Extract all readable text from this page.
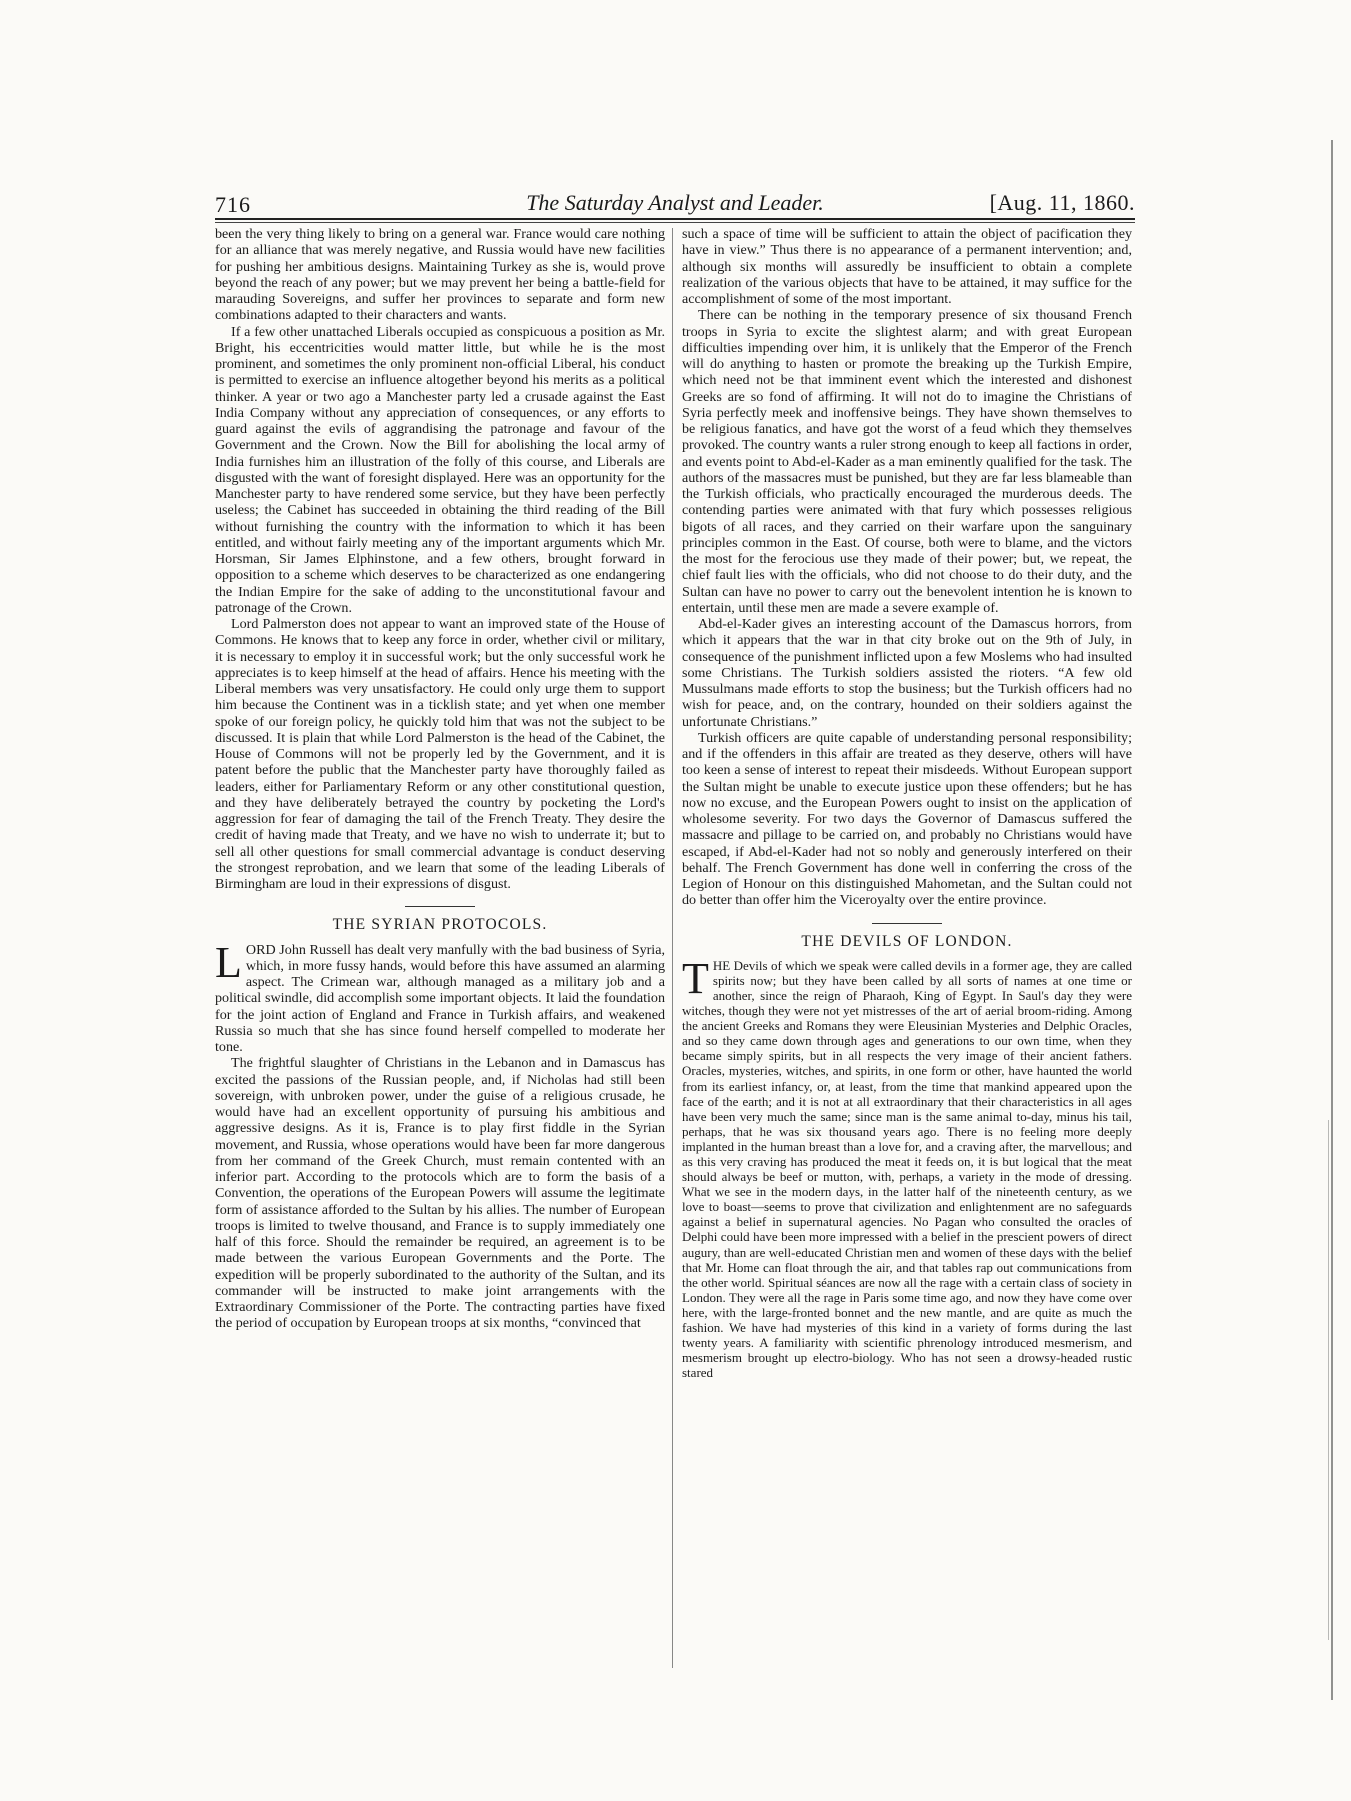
716	The Saturday Analyst and Leader.	[Aug. 11, 1860.

been the very thing likely to bring on a general war. France would care nothing for an alliance that was merely negative, and Russia would have new facilities for pushing her ambitious designs. Maintaining Turkey as she is, would prove beyond the reach of any power; but we may prevent her being a battle-field for marauding Sovereigns, and suffer her provinces to separate and form new combinations adapted to their characters and wants.

If a few other unattached Liberals occupied as conspicuous a position as Mr. Bright, his eccentricities would matter little, but while he is the most prominent, and sometimes the only prominent non-official Liberal, his conduct is permitted to exercise an influence altogether beyond his merits as a political thinker. A year or two ago a Manchester party led a crusade against the East India Company without any appreciation of consequences, or any efforts to guard against the evils of aggrandising the patronage and favour of the Government and the Crown. Now the Bill for abolishing the local army of India furnishes him an illustration of the folly of this course, and Liberals are disgusted with the want of foresight displayed. Here was an opportunity for the Manchester party to have rendered some service, but they have been perfectly useless; the Cabinet has succeeded in obtaining the third reading of the Bill without furnishing the country with the information to which it has been entitled, and without fairly meeting any of the important arguments which Mr. Horsman, Sir James Elphinstone, and a few others, brought forward in opposition to a scheme which deserves to be characterized as one endangering the Indian Empire for the sake of adding to the unconstitutional favour and patronage of the Crown.

Lord Palmerston does not appear to want an improved state of the House of Commons. He knows that to keep any force in order, whether civil or military, it is necessary to employ it in successful work; but the only successful work he appreciates is to keep himself at the head of affairs. Hence his meeting with the Liberal members was very unsatisfactory. He could only urge them to support him because the Continent was in a ticklish state; and yet when one member spoke of our foreign policy, he quickly told him that was not the subject to be discussed. It is plain that while Lord Palmerston is the head of the Cabinet, the House of Commons will not be properly led by the Government, and it is patent before the public that the Manchester party have thoroughly failed as leaders, either for Parliamentary Reform or any other constitutional question, and they have deliberately betrayed the country by pocketing the Lord's aggression for fear of damaging the tail of the French Treaty. They desire the credit of having made that Treaty, and we have no wish to underrate it; but to sell all other questions for small commercial advantage is conduct deserving the strongest reprobation, and we learn that some of the leading Liberals of Birmingham are loud in their expressions of disgust.

THE SYRIAN PROTOCOLS.

LORD John Russell has dealt very manfully with the bad business of Syria, which, in more fussy hands, would before this have assumed an alarming aspect. The Crimean war, although managed as a military job and a political swindle, did accomplish some important objects. It laid the foundation for the joint action of England and France in Turkish affairs, and weakened Russia so much that she has since found herself compelled to moderate her tone.

The frightful slaughter of Christians in the Lebanon and in Damascus has excited the passions of the Russian people, and, if Nicholas had still been sovereign, with unbroken power, under the guise of a religious crusade, he would have had an excellent opportunity of pursuing his ambitious and aggressive designs. As it is, France is to play first fiddle in the Syrian movement, and Russia, whose operations would have been far more dangerous from her command of the Greek Church, must remain contented with an inferior part. According to the protocols which are to form the basis of a Convention, the operations of the European Powers will assume the legitimate form of assistance afforded to the Sultan by his allies. The number of European troops is limited to twelve thousand, and France is to supply immediately one half of this force. Should the remainder be required, an agreement is to be made between the various European Governments and the Porte. The expedition will be properly subordinated to the authority of the Sultan, and its commander will be instructed to make joint arrangements with the Extraordinary Commissioner of the Porte. The contracting parties have fixed the period of occupation by European troops at six months, “convinced that

such a space of time will be sufficient to attain the object of pacification they have in view.” Thus there is no appearance of a permanent intervention; and, although six months will assuredly be insufficient to obtain a complete realization of the various objects that have to be attained, it may suffice for the accomplishment of some of the most important.

There can be nothing in the temporary presence of six thousand French troops in Syria to excite the slightest alarm; and with great European difficulties impending over him, it is unlikely that the Emperor of the French will do anything to hasten or promote the breaking up the Turkish Empire, which need not be that imminent event which the interested and dishonest Greeks are so fond of affirming. It will not do to imagine the Christians of Syria perfectly meek and inoffensive beings. They have shown themselves to be religious fanatics, and have got the worst of a feud which they themselves provoked. The country wants a ruler strong enough to keep all factions in order, and events point to Abd-el-Kader as a man eminently qualified for the task. The authors of the massacres must be punished, but they are far less blameable than the Turkish officials, who practically encouraged the murderous deeds. The contending parties were animated with that fury which possesses religious bigots of all races, and they carried on their warfare upon the sanguinary principles common in the East. Of course, both were to blame, and the victors the most for the ferocious use they made of their power; but, we repeat, the chief fault lies with the officials, who did not choose to do their duty, and the Sultan can have no power to carry out the benevolent intention he is known to entertain, until these men are made a severe example of.

Abd-el-Kader gives an interesting account of the Damascus horrors, from which it appears that the war in that city broke out on the 9th of July, in consequence of the punishment inflicted upon a few Moslems who had insulted some Christians. The Turkish soldiers assisted the rioters. “A few old Mussulmans made efforts to stop the business; but the Turkish officers had no wish for peace, and, on the contrary, hounded on their soldiers against the unfortunate Christians.”

Turkish officers are quite capable of understanding personal responsibility; and if the offenders in this affair are treated as they deserve, others will have too keen a sense of interest to repeat their misdeeds. Without European support the Sultan might be unable to execute justice upon these offenders; but he has now no excuse, and the European Powers ought to insist on the application of wholesome severity. For two days the Governor of Damascus suffered the massacre and pillage to be carried on, and probably no Christians would have escaped, if Abd-el-Kader had not so nobly and generously interfered on their behalf. The French Government has done well in conferring the cross of the Legion of Honour on this distinguished Mahometan, and the Sultan could not do better than offer him the Viceroyalty over the entire province.

THE DEVILS OF LONDON.

THE Devils of which we speak were called devils in a former age, they are called spirits now; but they have been called by all sorts of names at one time or another, since the reign of Pharaoh, King of Egypt. In Saul's day they were witches, though they were not yet mistresses of the art of aerial broom-riding. Among the ancient Greeks and Romans they were Eleusinian Mysteries and Delphic Oracles, and so they came down through ages and generations to our own time, when they became simply spirits, but in all respects the very image of their ancient fathers. Oracles, mysteries, witches, and spirits, in one form or other, have haunted the world from its earliest infancy, or, at least, from the time that mankind appeared upon the face of the earth; and it is not at all extraordinary that their characteristics in all ages have been very much the same; since man is the same animal to-day, minus his tail, perhaps, that he was six thousand years ago. There is no feeling more deeply implanted in the human breast than a love for, and a craving after, the marvellous; and as this very craving has produced the meat it feeds on, it is but logical that the meat should always be beef or mutton, with, perhaps, a variety in the mode of dressing. What we see in the modern days, in the latter half of the nineteenth century, as we love to boast—seems to prove that civilization and enlightenment are no safeguards against a belief in supernatural agencies. No Pagan who consulted the oracles of Delphi could have been more impressed with a belief in the prescient powers of direct augury, than are well-educated Christian men and women of these days with the belief that Mr. Home can float through the air, and that tables rap out communications from the other world. Spiritual séances are now all the rage with a certain class of society in London. They were all the rage in Paris some time ago, and now they have come over here, with the large-fronted bonnet and the new mantle, and are quite as much the fashion. We have had mysteries of this kind in a variety of forms during the last twenty years. A familiarity with scientific phrenology introduced mesmerism, and mesmerism brought up electro-biology. Who has not seen a drowsy-headed rustic stared
